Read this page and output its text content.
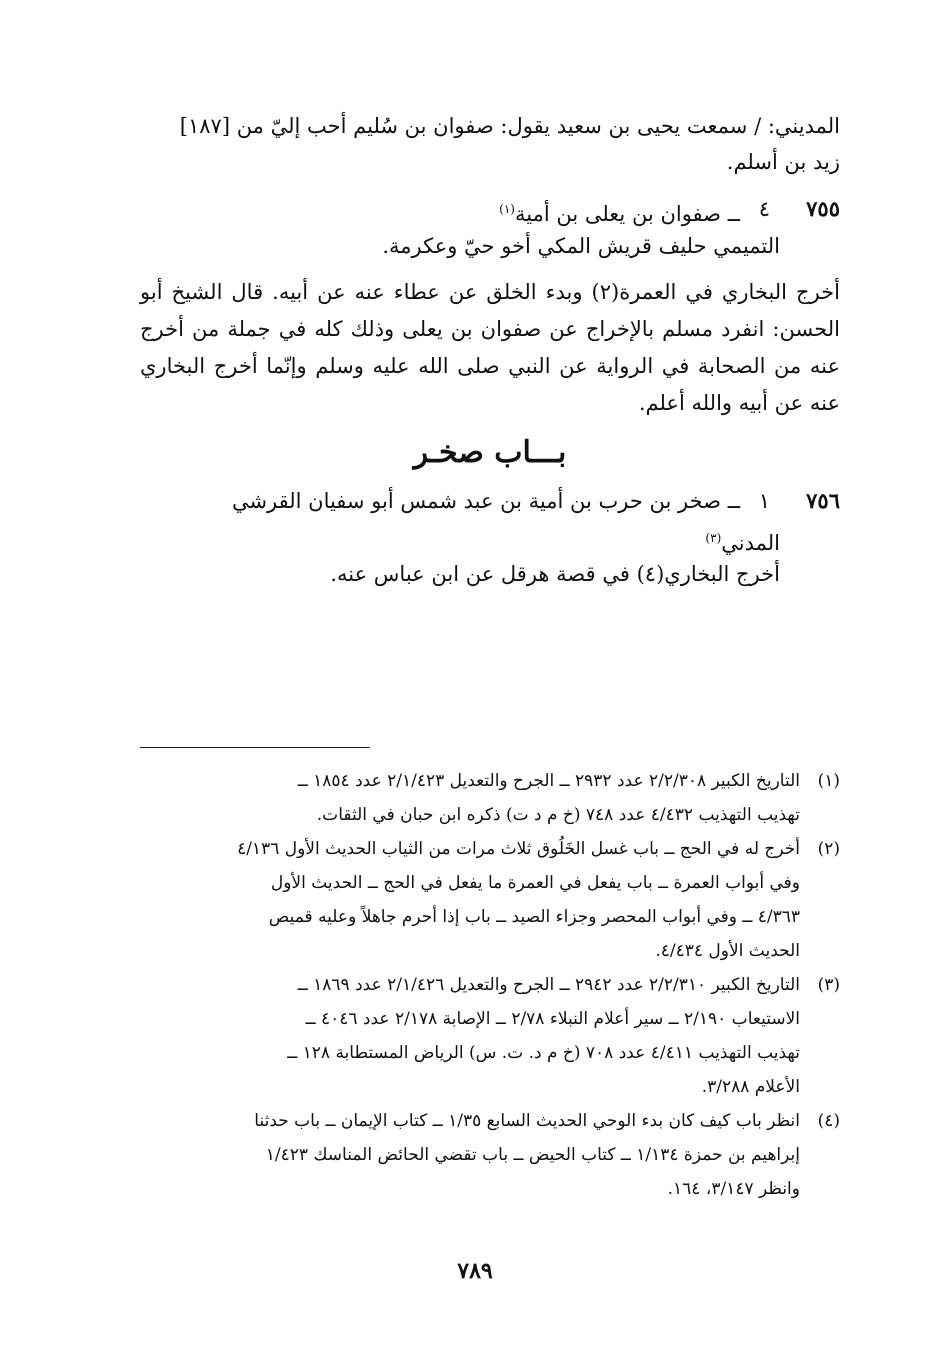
المديني: / سمعت يحيى بن سعيد يقول: صفوان بن سُليم أحب إليّ من [١٨٧]
زيد بن أسلم.
٧٥٥
٤
ــ صفوان بن يعلى بن أمية$^{(١)}$
التميمي حليف قريش المكي أخو حيّ وعكرمة.
أخرج البخاري في العمرة(٢) وبدء الخلق عن عطاء عنه عن أبيه. قال الشيخ أبو الحسن: انفرد مسلم بالإخراج عن صفوان بن يعلى وذلك كله في جملة من أخرج عنه من الصحابة في الرواية عن النبي صلى الله عليه وسلم وإنّما أخرج البخاري عنه عن أبيه والله أعلم.
بـــاب صخـر
٧٥٦
١
ــ صخر بن حرب بن أمية بن عبد شمس أبو سفيان القرشي
المدني$^{(٣)}$
أخرج البخاري(٤) في قصة هرقل عن ابن عباس عنه.
(١)
التاريخ الكبير ٢/٢/٣٠٨ عدد ٢٩٣٢ ــ الجرح والتعديل ٢/١/٤٢٣ عدد ١٨٥٤ ــ
تهذيب التهذيب ٤/٤٣٢ عدد ٧٤٨ (خ م د ت) ذكره ابن حبان في الثقات.
(٢)
أخرج له في الحج ــ باب غسل الخَلُوق ثلاث مرات من الثياب الحديث الأول ٤/١٣٦
وفي أبواب العمرة ــ باب يفعل في العمرة ما يفعل في الحج ــ الحديث الأول
٤/٣٦٣ ــ وفي أبواب المحصر وجزاء الصيد ــ باب إذا أحرم جاهلاً وعليه قميص
الحديث الأول ٤/٤٣٤.
(٣)
التاريخ الكبير ٢/٢/٣١٠ عدد ٢٩٤٢ ــ الجرح والتعديل ٢/١/٤٢٦ عدد ١٨٦٩ ــ
الاستيعاب ٢/١٩٠ ــ سير أعلام النبلاء ٢/٧٨ ــ الإصابة ٢/١٧٨ عدد ٤٠٤٦ ــ
تهذيب التهذيب ٤/٤١١ عدد ٧٠٨ (خ م د. ت. س) الرياض المستطابة ١٢٨ ــ
الأعلام ٣/٢٨٨.
(٤)
انظر باب كيف كان بدء الوحي الحديث السابع ١/٣٥ ــ كتاب الإيمان ــ باب حدثنا
إبراهيم بن حمزة ١/١٣٤ ــ كتاب الحيض ــ باب تقضي الحائض المناسك ١/٤٢٣
وانظر ٣/١٤٧، ١٦٤.
٧٨٩
